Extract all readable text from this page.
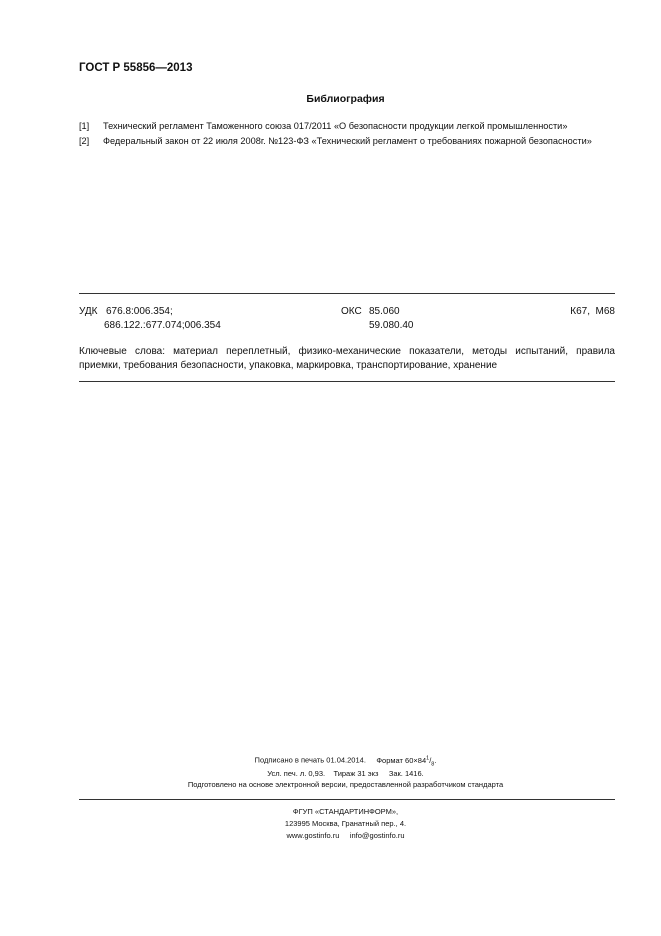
ГОСТ Р 55856—2013
Библиография
[1]	Технический регламент Таможенного союза 017/2011 «О безопасности продукции легкой промышленности»
[2]	Федеральный закон от 22 июля 2008г. №123-ФЗ «Технический регламент о требованиях пожарной безопасности»
УДК 676.8:006.354;
686.122.:677.074;006.354
ОКС 85.060
59.080.40
К67,  М68
Ключевые слова: материал переплетный, физико-механические показатели, методы испытаний, правила приемки, требования безопасности, упаковка, маркировка, транспортирование, хранение
Подписано в печать 01.04.2014. Формат $60\times 84^1/_8$.
Усл. печ. л. 0,93. Тираж 31 экз Зак. 1416.
Подготовлено на основе электронной версии, предоставленной разработчиком стандарта
ФГУП «СТАНДАРТИНФОРМ»,
123995 Москва, Гранатный пер., 4.
www.gostinfo.ru info@gostinfo.ru
